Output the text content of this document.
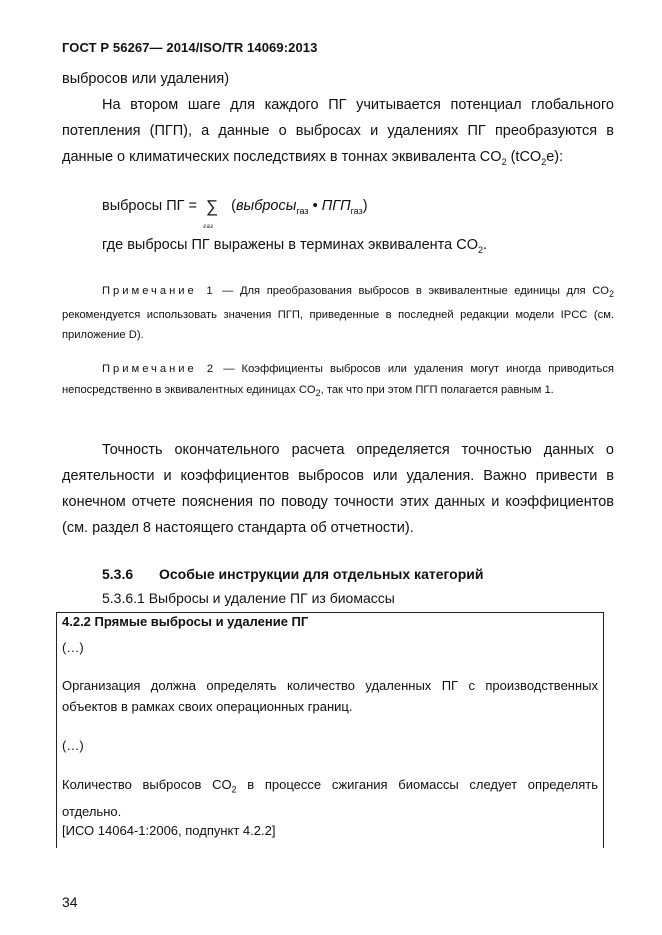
ГОСТ Р 56267— 2014/ISO/TR 14069:2013
выбросов или удаления)
На втором шаге для каждого ПГ учитывается потенциал глобального потепления (ПГП), а данные о выбросах и удалениях ПГ преобразуются в данные о климатических последствиях в тоннах эквивалента $CO_2$ (tCO$_2$e):
выбросы ПГ = ∑
газ
(выбросы$_{газ}$ • $ПГП_{газ}$)
где выбросы ПГ выражены в терминах эквивалента $CO_2$.
Примечание 1 — Для преобразования выбросов в эквивалентные единицы для $CO_2$ рекомендуется использовать значения ПГП, приведенные в последней редакции модели IPCC (см. приложение D).
Примечание 2 — Коэффициенты выбросов или удаления могут иногда приводиться непосредственно в эквивалентных единицах $CO_2$, так что при этом ПГП полагается равным 1.
Точность окончательного расчета определяется точностью данных о деятельности и коэффициентов выбросов или удаления. Важно привести в конечном отчете пояснения по поводу точности этих данных и коэффициентов (см. раздел 8 настоящего стандарта об отчетности).
5.3.6 Особые инструкции для отдельных категорий
5.3.6.1 Выбросы и удаление ПГ из биомассы
4.2.2 Прямые выбросы и удаление ПГ
(…)
Организация должна определять количество удаленных ПГ с производственных объектов в рамках своих операционных границ.
(…)
Количество выбросов $CO_2$ в процессе сжигания биомассы следует определять отдельно.
[ИСО 14064-1:2006, подпункт 4.2.2]
34
